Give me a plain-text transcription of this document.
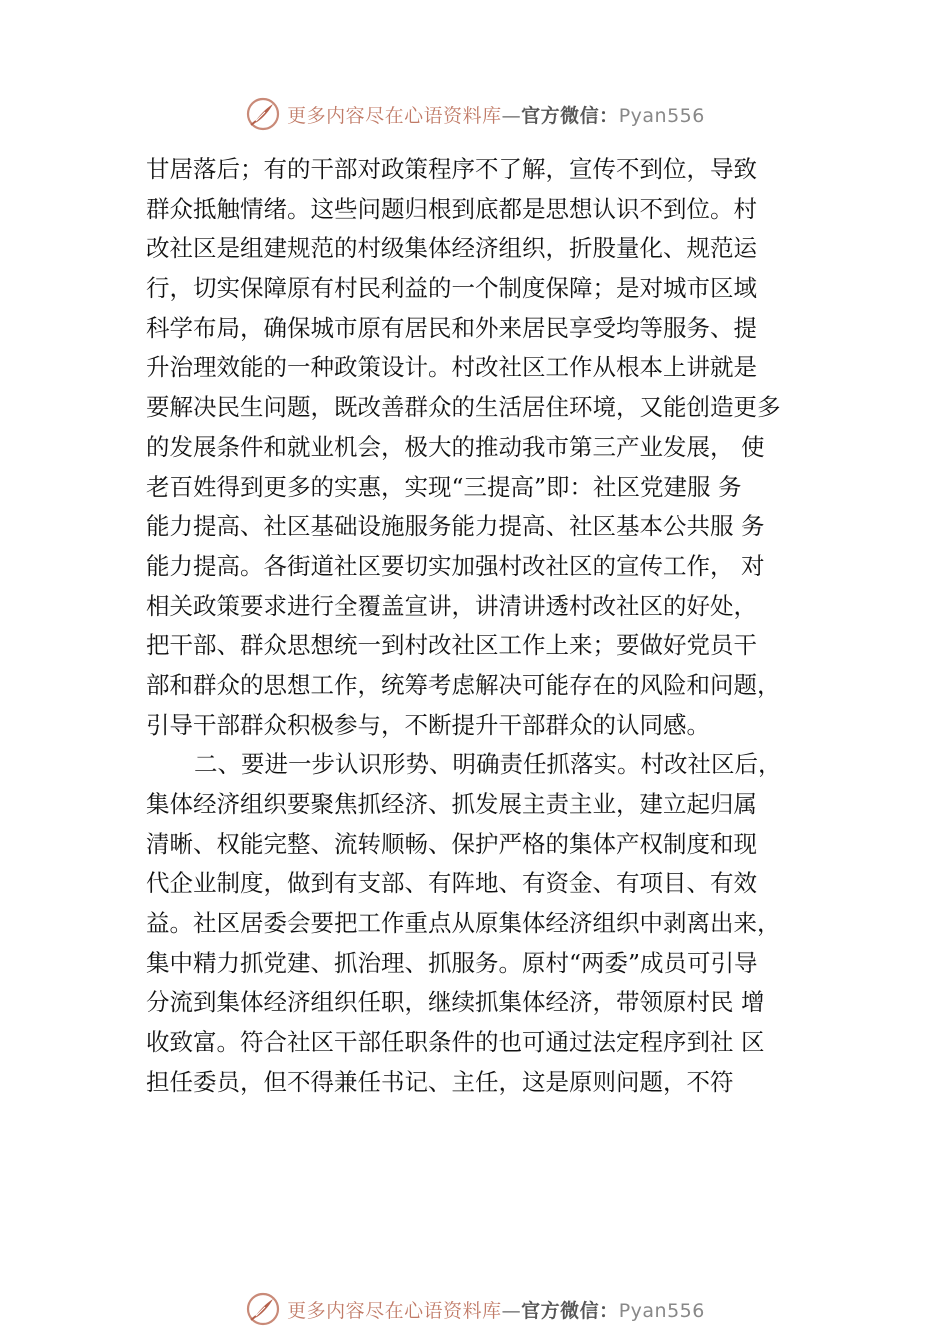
更多内容尽在心语资料库—官方微信：Pyan556
甘居落后；有的干部对政策程序不了解，宣传不到位，导致
群众抵触情绪。这些问题归根到底都是思想认识不到位。村
改社区是组建规范的村级集体经济组织，折股量化、规范运
行，切实保障原有村民利益的一个制度保障；是对城市区域
科学布局，确保城市原有居民和外来居民享受均等服务、提
升治理效能的一种政策设计。村改社区工作从根本上讲就是
要解决民生问题，既改善群众的生活居住环境，又能创造更多
的发展条件和就业机会，极大的推动我市第三产业发展， 使
老百姓得到更多的实惠，实现“三提高”即：社区党建服 务
能力提高、社区基础设施服务能力提高、社区基本公共服 务
能力提高。各街道社区要切实加强村改社区的宣传工作， 对
相关政策要求进行全覆盖宣讲，讲清讲透村改社区的好处，
把干部、群众思想统一到村改社区工作上来；要做好党员干
部和群众的思想工作，统筹考虑解决可能存在的风险和问题，
引导干部群众积极参与，不断提升干部群众的认同感。
二、要进一步认识形势、明确责任抓落实。村改社区后，
集体经济组织要聚焦抓经济、抓发展主责主业，建立起归属
清晰、权能完整、流转顺畅、保护严格的集体产权制度和现
代企业制度，做到有支部、有阵地、有资金、有项目、有效
益。社区居委会要把工作重点从原集体经济组织中剥离出来，
集中精力抓党建、抓治理、抓服务。原村“两委”成员可引导
分流到集体经济组织任职，继续抓集体经济，带领原村民 增
收致富。符合社区干部任职条件的也可通过法定程序到社 区
担任委员，但不得兼任书记、主任，这是原则问题，不符
更多内容尽在心语资料库—官方微信：Pyan556
